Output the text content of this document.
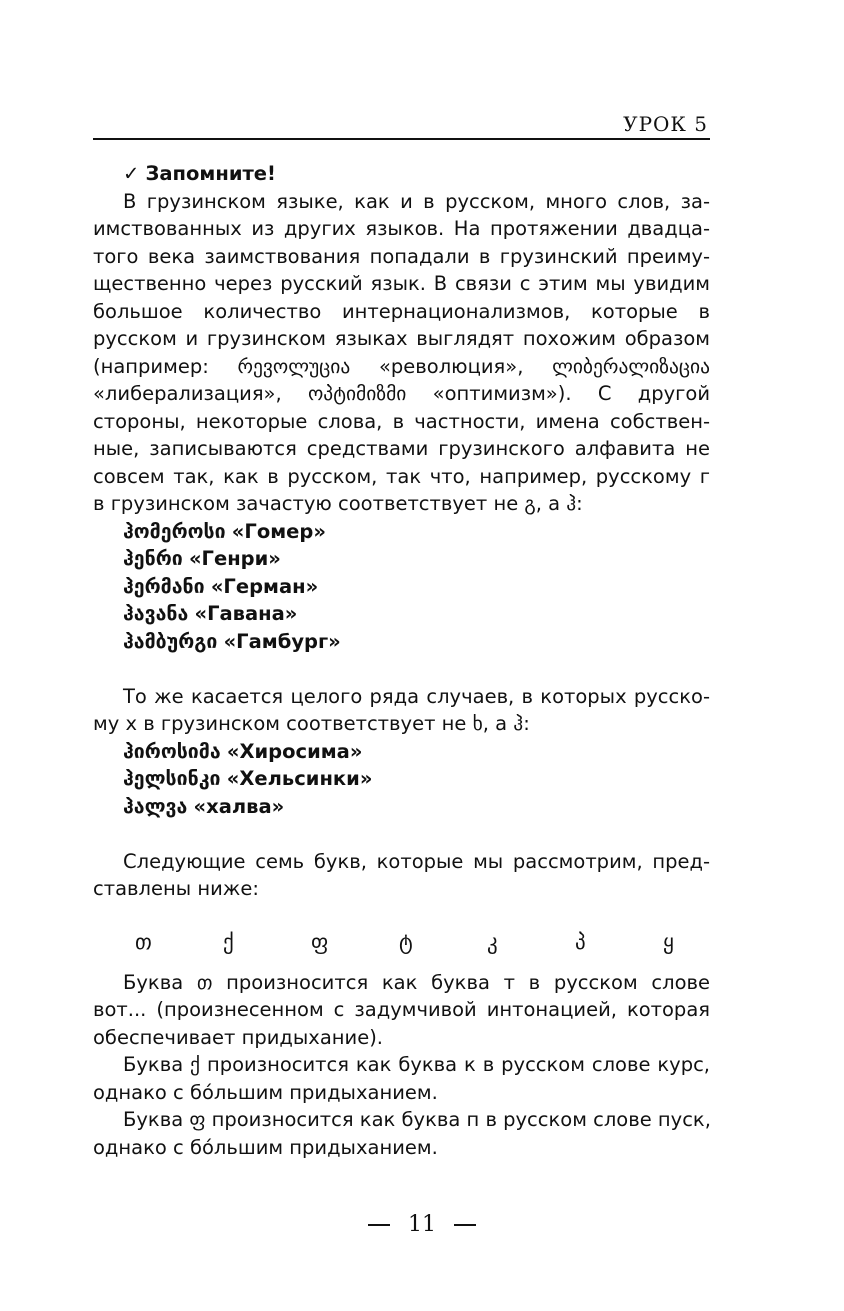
УРОК 5
✓ Запомните!
В грузинском языке, как и в русском, много слов, за-
имствованных из других языков. На протяжении двадца-
того века заимствования попадали в грузинский преиму-
щественно через русский язык. В связи с этим мы увидим
большое количество интернационализмов, которые в
русском и грузинском языках выглядят похожим образом
(например: რევოლუცია «революция», ლიბერალიზაცია
«либерализация», ოპტიმიზმი «оптимизм»). С другой
стороны, некоторые слова, в частности, имена собствен-
ные, записываются средствами грузинского алфавита не
совсем так, как в русском, так что, например, русскому г
в грузинском зачастую соответствует не გ, а ჰ:
ჰომეროსი «Гомер»
ჰენრი «Генри»
ჰერმანი «Герман»
ჰავანა «Гавана»
ჰამბურგი «Гамбург»
То же касается целого ряда случаев, в которых русско-
му х в грузинском соответствует не ხ, а ჰ:
ჰიროსიმა «Хиросима»
ჰელსინკი «Хельсинки»
ჰალვა «халва»
Следующие семь букв, которые мы рассмотрим, пред-
ставлены ниже:
თ	ქ	ფ	ტ	კ	პ	ყ
Буква თ произносится как буква т в русском слове
вот... (произнесенном с задумчивой интонацией, которая
обеспечивает придыхание).
Буква ქ произносится как буква к в русском слове курс,
однако с бо́льшим придыханием.
Буква ფ произносится как буква п в русском слове пуск,
однако с бо́льшим придыханием.
11
